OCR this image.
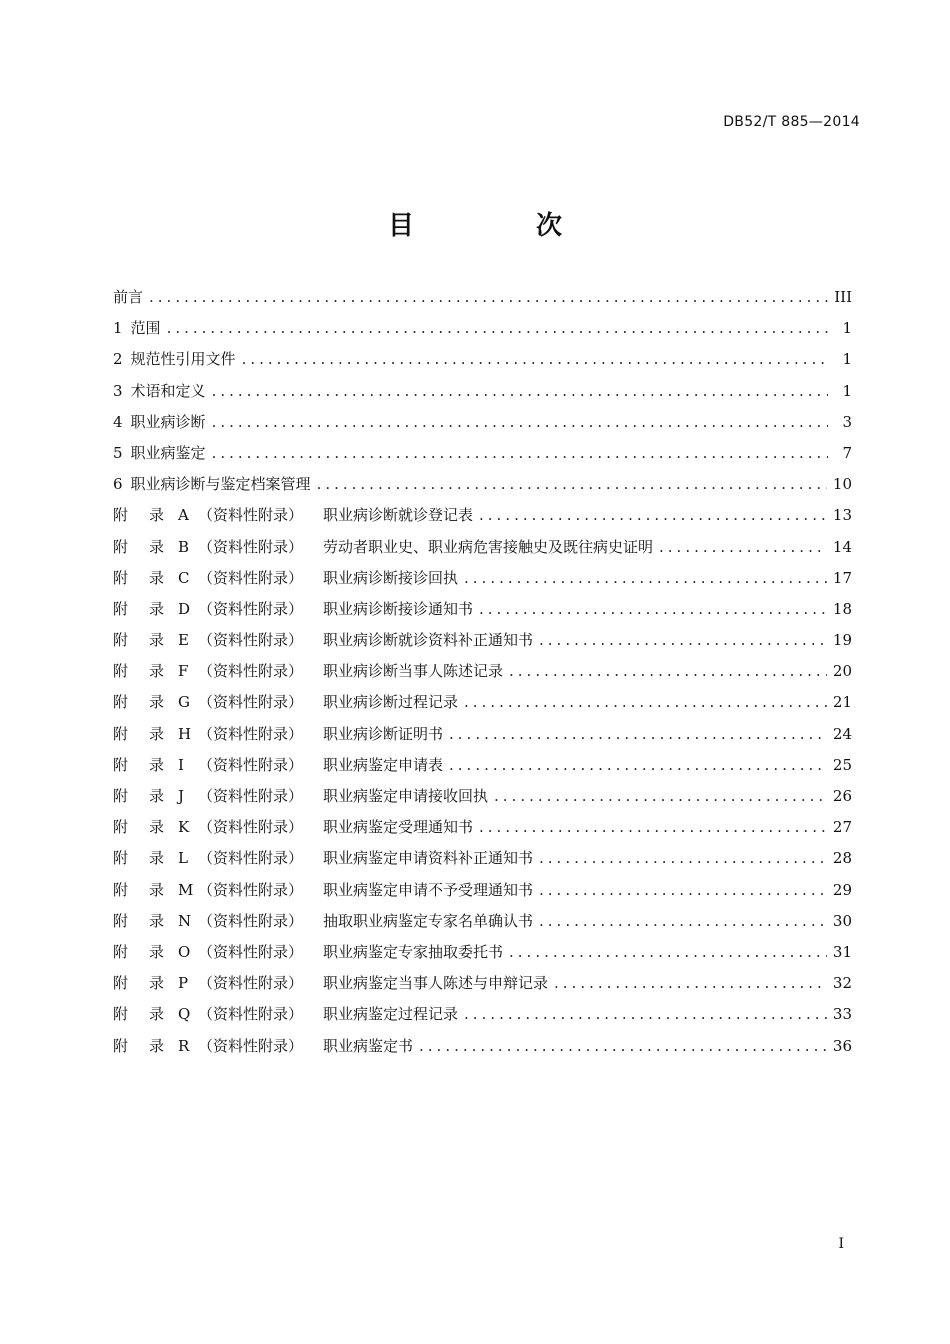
DB52/T 885—2014
目　次
前言 .....	III
1 范围 .....	1
2 规范性引用文件 .....	1
3 术语和定义 .....	1
4 职业病诊断 .....	3
5 职业病鉴定 .....	7
6 职业病诊断与鉴定档案管理 .....	10
附 录 A （资料性附录）	职业病诊断就诊登记表 .....	13
附 录 B （资料性附录）	劳动者职业史、职业病危害接触史及既往病史证明 .....	14
附 录 C （资料性附录）	职业病诊断接诊回执 .....	17
附 录 D （资料性附录）	职业病诊断接诊通知书 .....	18
附 录 E （资料性附录）	职业病诊断就诊资料补正通知书 .....	19
附 录 F （资料性附录）	职业病诊断当事人陈述记录 .....	20
附 录 G （资料性附录）	职业病诊断过程记录 .....	21
附 录 H （资料性附录）	职业病诊断证明书 .....	24
附 录 I （资料性附录）	职业病鉴定申请表 .....	25
附 录 J （资料性附录）	职业病鉴定申请接收回执 .....	26
附 录 K （资料性附录）	职业病鉴定受理通知书 .....	27
附 录 L （资料性附录）	职业病鉴定申请资料补正通知书 .....	28
附 录 M （资料性附录）	职业病鉴定申请不予受理通知书 .....	29
附 录 N （资料性附录）	抽取职业病鉴定专家名单确认书 .....	30
附 录 O （资料性附录）	职业病鉴定专家抽取委托书 .....	31
附 录 P （资料性附录）	职业病鉴定当事人陈述与申辩记录 .....	32
附 录 Q （资料性附录）	职业病鉴定过程记录 .....	33
附 录 R （资料性附录）	职业病鉴定书 .....	36
I
